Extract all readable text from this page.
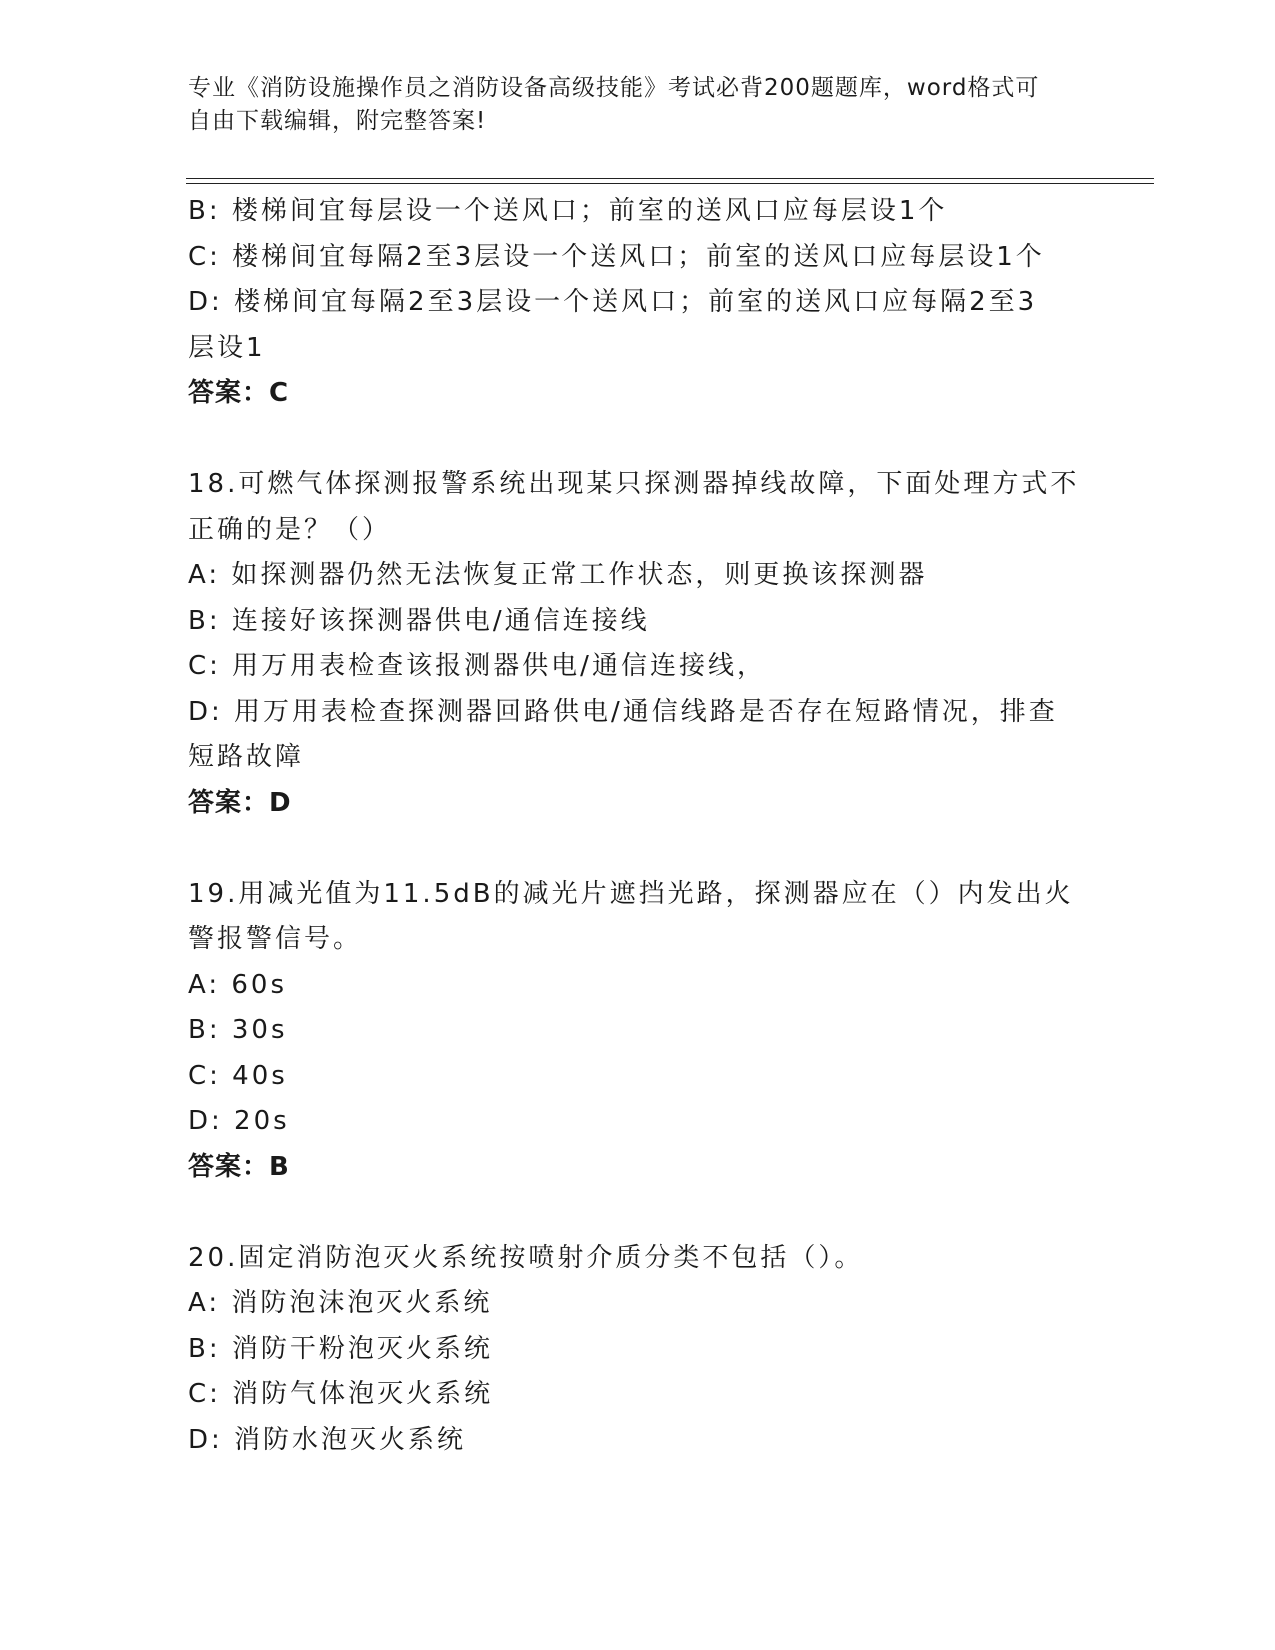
专业《消防设施操作员之消防设备高级技能》考试必背200题题库，word格式可
自由下载编辑，附完整答案!
B: 楼梯间宜每层设一个送风口；前室的送风口应每层设1个
C: 楼梯间宜每隔2至3层设一个送风口；前室的送风口应每层设1个
D: 楼梯间宜每隔2至3层设一个送风口；前室的送风口应每隔2至3
层设1
答案：C
18.可燃气体探测报警系统出现某只探测器掉线故障，下面处理方式不
正确的是？（）
A: 如探测器仍然无法恢复正常工作状态，则更换该探测器
B: 连接好该探测器供电/通信连接线
C: 用万用表检查该报测器供电/通信连接线，
D: 用万用表检查探测器回路供电/通信线路是否存在短路情况，排查
短路故障
答案：D
19.用减光值为11.5dB的减光片遮挡光路，探测器应在（）内发出火
警报警信号。
A: 60s
B: 30s
C: 40s
D: 20s
答案：B
20.固定消防泡灭火系统按喷射介质分类不包括（）。
A: 消防泡沫泡灭火系统
B: 消防干粉泡灭火系统
C: 消防气体泡灭火系统
D: 消防水泡灭火系统
